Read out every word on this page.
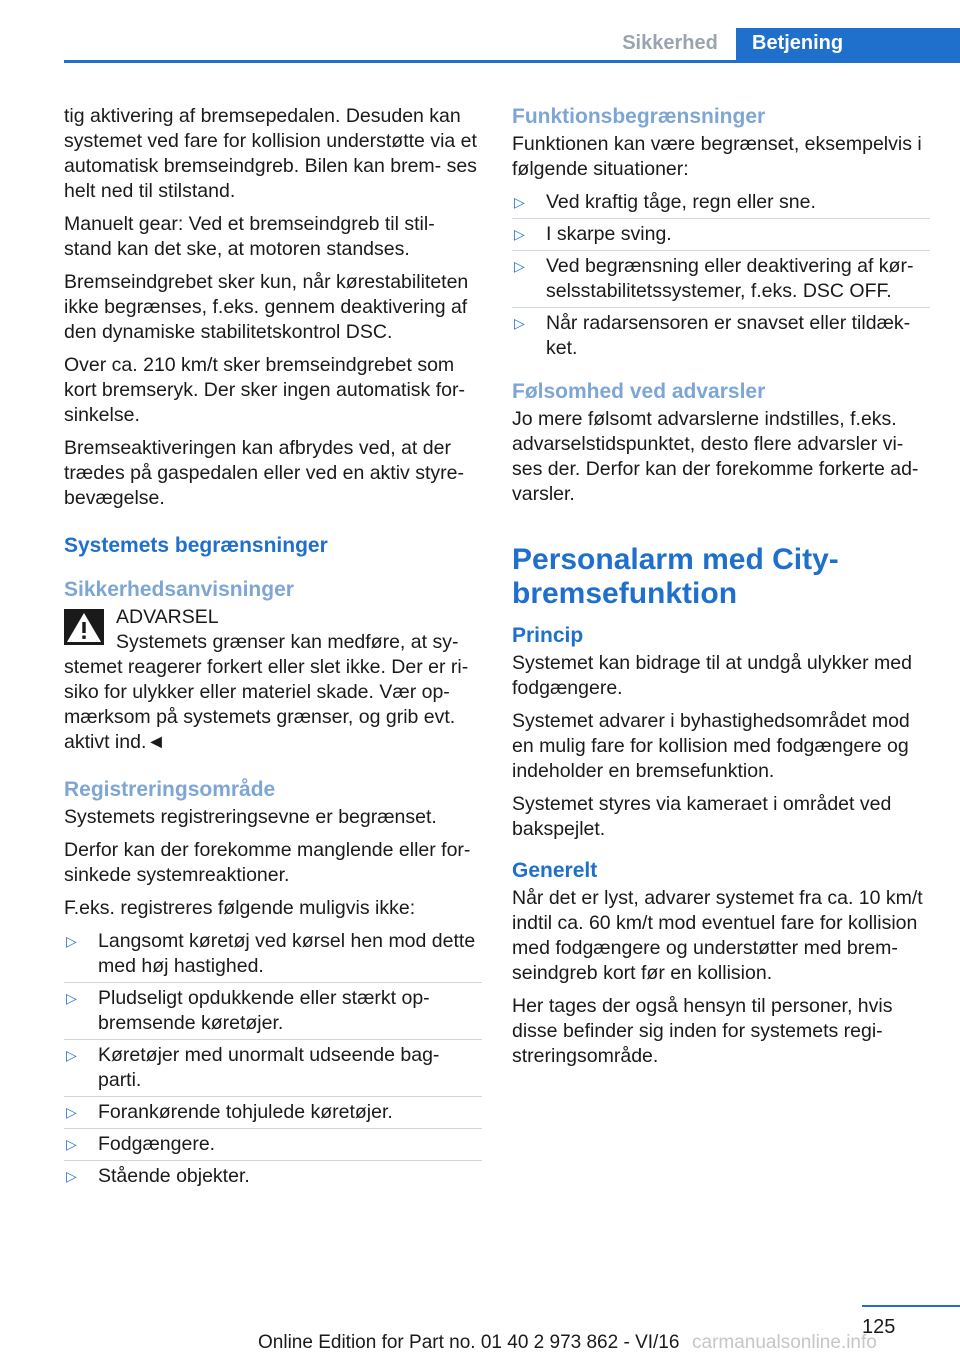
Sikkerhed	Betjening

tig aktivering af bremsepedalen. Desuden kan systemet ved fare for kollision understøtte via et automatisk bremseindgreb. Bilen kan brem‐ ses helt ned til stilstand.

Manuelt gear: Ved et bremseindgreb til stil‐ stand kan det ske, at motoren standses.

Bremseindgrebet sker kun, når kørestabiliteten ikke begrænses, f.eks. gennem deaktivering af den dynamiske stabilitetskontrol DSC.

Over ca. 210 km/t sker bremseindgrebet som kort bremseryk. Der sker ingen automatisk for‐ sinkelse.

Bremseaktiveringen kan afbrydes ved, at der trædes på gaspedalen eller ved en aktiv styre‐ bevægelse.

Systemets begrænsninger
Sikkerhedsanvisninger
ADVARSEL
Systemets grænser kan medføre, at sy‐
stemet reagerer forkert eller slet ikke. Der er ri‐ siko for ulykker eller materiel skade. Vær op‐ mærksom på systemets grænser, og grib evt. aktivt ind.◄
Registreringsområde

Systemets registreringsevne er begrænset.

Derfor kan der forekomme manglende eller for‐ sinkede systemreaktioner.

F.eks. registreres følgende muligvis ikke:

▷ Langsomt køretøj ved kørsel hen mod dette med høj hastighed.
▷ Pludseligt opdukkende eller stærkt op‐ bremsende køretøjer.
▷ Køretøjer med unormalt udseende bag‐ parti.
▷ Forankørende tohjulede køretøjer.
▷ Fodgængere.
▷ Stående objekter.
Funktionsbegrænsninger

Funktionen kan være begrænset, eksempelvis i følgende situationer:

▷ Ved kraftig tåge, regn eller sne.
▷ I skarpe sving.
▷ Ved begrænsning eller deaktivering af kør‐ selsstabilitetssystemer, f.eks. DSC OFF.
▷ Når radarsensoren er snavset eller tildæk‐ ket.
Følsomhed ved advarsler

Jo mere følsomt advarslerne indstilles, f.eks. advarselstidspunktet, desto flere advarsler vi‐ ses der. Derfor kan der forekomme forkerte ad‐ varsler.

Personalarm med City- bremsefunktion
Princip

Systemet kan bidrage til at undgå ulykker med fodgængere.

Systemet advarer i byhastighedsområdet mod en mulig fare for kollision med fodgængere og indeholder en bremsefunktion.

Systemet styres via kameraet i området ved bakspejlet.

Generelt

Når det er lyst, advarer systemet fra ca. 10 km/t indtil ca. 60 km/t mod eventuel fare for kollision med fodgængere og understøtter med brem‐ seindgreb kort før en kollision.

Her tages der også hensyn til personer, hvis disse befinder sig inden for systemets regi‐ streringsområde.

125
Online Edition for Part no. 01 40 2 973 862 - VI/16 carmanualsonline.info
